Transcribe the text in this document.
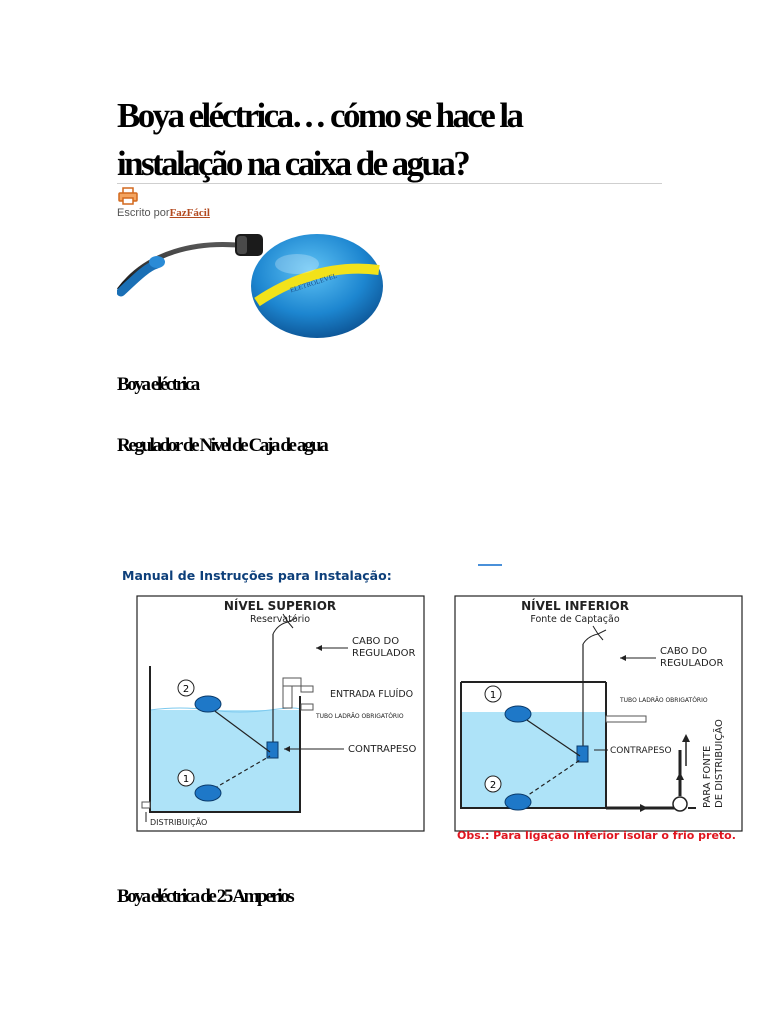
Boya eléctrica… cómo se hace la
instalação na caixa de agua?
Escrito porFazFácil
ELETROLEVEL
Boya eléctrica
Regulador de Nivel de Caja de agua
Manual de Instruções para Instalação:
NÍVEL SUPERIOR
Reservatório
2
1
CABO DO
REGULADOR
ENTRADA FLUÍDO
TUBO LADRÃO OBRIGATÓRIO
CONTRAPESO
DISTRIBUIÇÃO
NÍVEL INFERIOR
Fonte de Captação
1
2
CABO DO
REGULADOR
TUBO LADRÃO OBRIGATÓRIO
CONTRAPESO	PARA FONTE DE DISTRIBUIÇÃO
Obs.: Para ligação inferior isolar o frio preto.
Boya eléctrica de 25 Amperios
